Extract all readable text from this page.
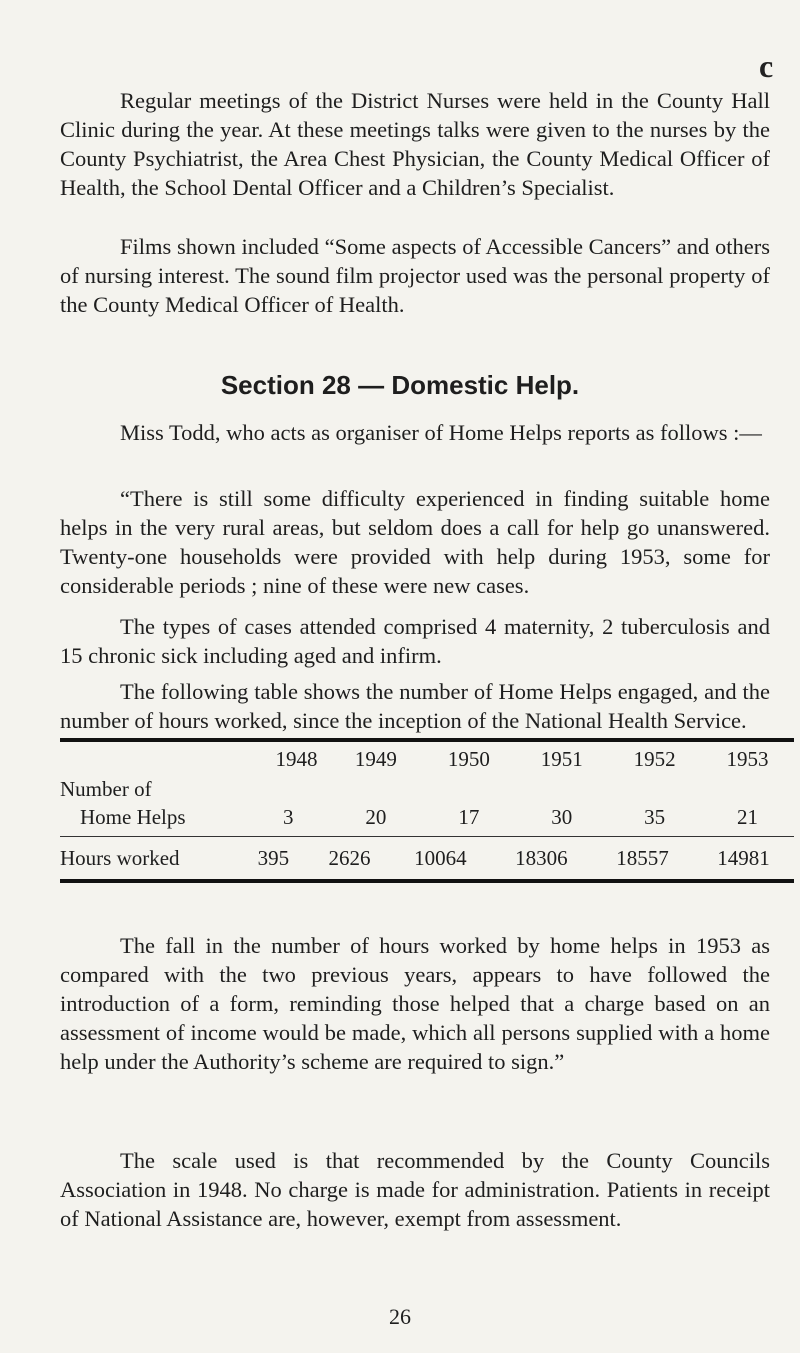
c

Regular meetings of the District Nurses were held in the County Hall Clinic during the year. At these meetings talks were given to the nurses by the County Psychiatrist, the Area Chest Physician, the County Medical Officer of Health, the School Dental Officer and a Children’s Specialist.

Films shown included “Some aspects of Accessible Cancers” and others of nursing interest. The sound film projector used was the personal property of the County Medical Officer of Health.

Section 28 — Domestic Help.

Miss Todd, who acts as organiser of Home Helps reports as follows :—

“There is still some difficulty experienced in finding suitable home helps in the very rural areas, but seldom does a call for help go unanswered. Twenty-one households were provided with help during 1953, some for considerable periods ; nine of these were new cases.

The types of cases attended comprised 4 maternity, 2 tuberculosis and 15 chronic sick including aged and infirm.

The following table shows the number of Home Helps engaged, and the number of hours worked, since the inception of the National Health Service.

	1948	1949	1950	1951	1952	1953
Number of						
Home Helps	3	20	17	30	35	21
Hours worked	395	2626	10064	18306	18557	14981

The fall in the number of hours worked by home helps in 1953 as compared with the two previous years, appears to have followed the introduction of a form, reminding those helped that a charge based on an assessment of income would be made, which all persons supplied with a home help under the Authority’s scheme are required to sign.”

The scale used is that recommended by the County Councils Association in 1948. No charge is made for administration. Patients in receipt of National Assistance are, however, exempt from assessment.

26
